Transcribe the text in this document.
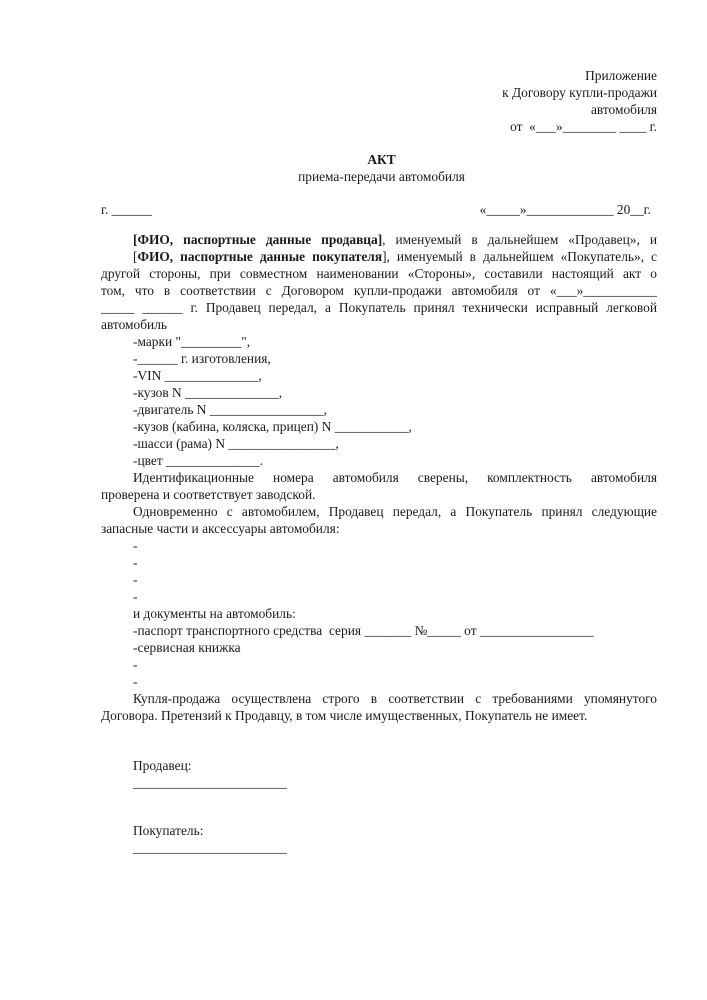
Приложение
к Договору купли-продажи
автомобиля
от  «___»________ ____ г.
АКТ
приема-передачи автомобиля
г. ______	«_____»_____________ 20__г.
[ФИО, паспортные данные продавца], именуемый в дальнейшем «Продавец», и
[ФИО, паспортные данные покупателя], именуемый в дальнейшем «Покупатель», с
другой стороны, при совместном наименовании «Стороны», составили настоящий акт о
том, что в соответствии с Договором купли-продажи автомобиля от «___»___________
_____ ______ г. Продавец передал, а Покупатель принял технически исправный легковой
автомобиль
-марки "_________",
-______ г. изготовления,
-VIN ______________,
-кузов N ______________,
-двигатель N _________________,
-кузов (кабина, коляска, прицеп) N ___________,
-шасси (рама) N ________________,
-цвет ______________.
Идентификационные номера автомобиля сверены, комплектность автомобиля
проверена и соответствует заводской.
Одновременно с автомобилем, Продавец передал, а Покупатель принял следующие
запасные части и аксессуары автомобиля:
-
-
-
-
и документы на автомобиль:
-паспорт транспортного средства  серия _______ №_____ от _________________
-сервисная книжка
-
-
Купля-продажа осуществлена строго в соответствии с требованиями упомянутого
Договора. Претензий к Продавцу, в том числе имущественных, Покупатель не имеет.
Продавец:
_______________________
Покупатель:
_______________________
